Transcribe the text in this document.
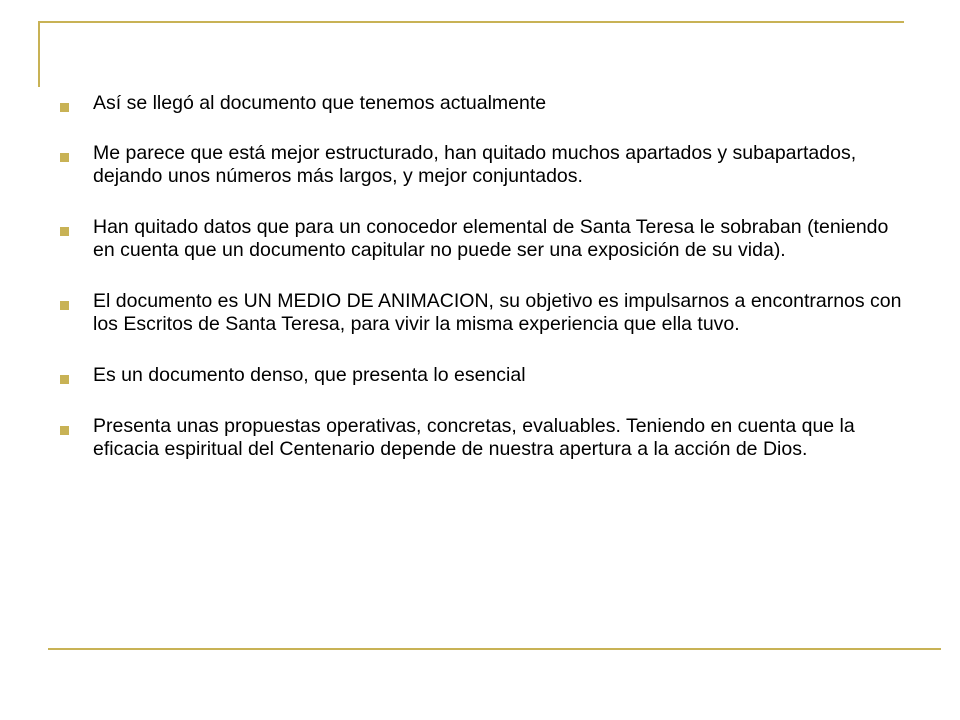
Así se llegó al documento que tenemos actualmente
Me parece que está mejor estructurado, han quitado muchos apartados y subapartados, dejando unos números más largos, y mejor conjuntados.
Han quitado datos que para un conocedor elemental de Santa Teresa le sobraban (teniendo en cuenta que un documento capitular no puede ser una exposición de su vida).
El documento es UN MEDIO DE ANIMACION, su objetivo es impulsarnos a encontrarnos con los Escritos de Santa Teresa, para vivir la misma experiencia que ella tuvo.
Es un documento denso, que presenta lo esencial
Presenta unas propuestas operativas, concretas, evaluables. Teniendo en cuenta que la eficacia espiritual del Centenario depende de nuestra apertura a la acción de Dios.
